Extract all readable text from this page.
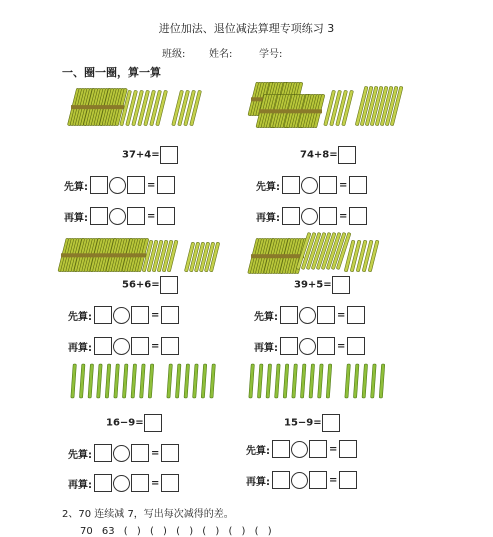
进位加法、退位减法算理专项练习 3
班级: 姓名:	学号:
一、圈一圈，算一算
37+4=	74+8=
56+6=	39+5=
16−9=	15−9=
先算:	=	先算:	=
再算:	=	再算:	=
先算:	=	先算:	=
再算:	=	再算:	=
先算:	=	先算:	=
再算:	=	再算:	=
2、70 连续减 7，写出每次减得的差。
70 63 ( ) ( ) ( ) ( ) ( ) ( )
